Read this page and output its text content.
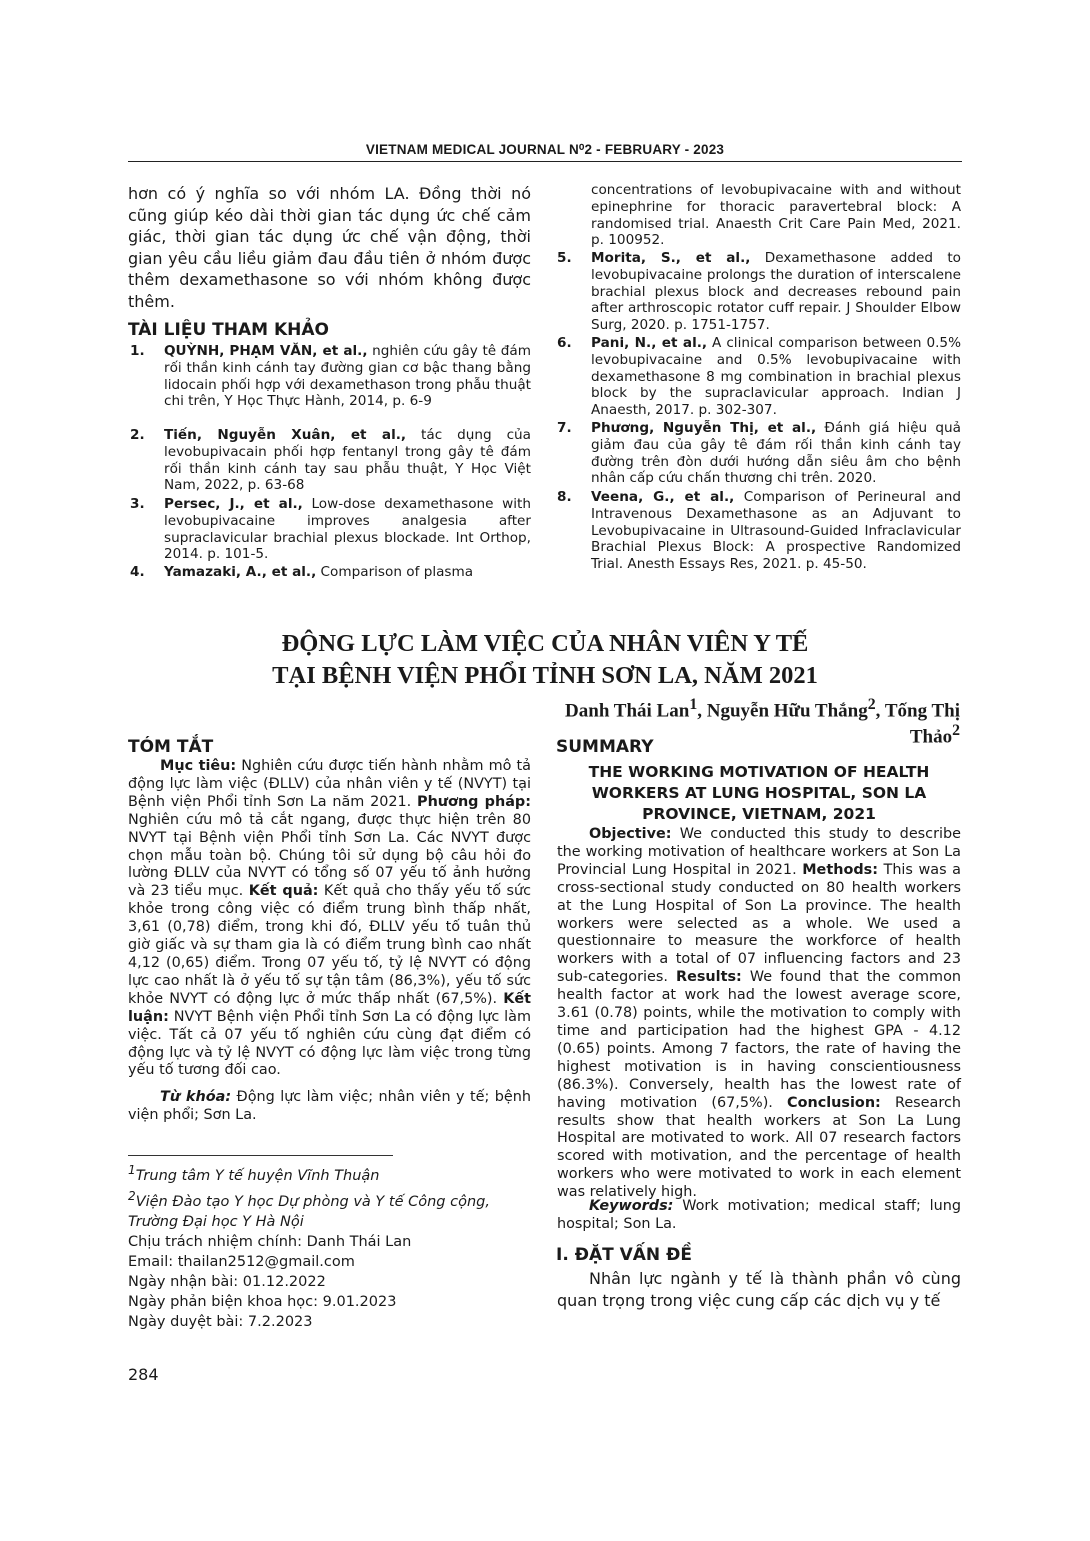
VIETNAM MEDICAL JOURNAL N⁰2 - FEBRUARY - 2023
hơn có ý nghĩa so với nhóm LA. Đồng thời nó cũng giúp kéo dài thời gian tác dụng ức chế cảm giác, thời gian tác dụng ức chế vận động, thời gian yêu cầu liều giảm đau đầu tiên ở nhóm được thêm dexamethasone so với nhóm không được thêm.
TÀI LIỆU THAM KHẢO
1. QUỲNH, PHẠM VĂN, et al., nghiên cứu gây tê đám rối thần kinh cánh tay đường gian cơ bậc thang bằng lidocain phối hợp với dexamethason trong phẫu thuật chi trên, Y Học Thực Hành, 2014, p. 6-9
2. Tiến, Nguyễn Xuân, et al., tác dụng của levobupivacain phối hợp fentanyl trong gây tê đám rối thần kinh cánh tay sau phẫu thuật, Y Học Việt Nam, 2022, p. 63-68
3. Persec, J., et al., Low-dose dexamethasone with levobupivacaine improves analgesia after supraclavicular brachial plexus blockade. Int Orthop, 2014. p. 101-5.
4. Yamazaki, A., et al., Comparison of plasma
concentrations of levobupivacaine with and without epinephrine for thoracic paravertebral block: A randomised trial. Anaesth Crit Care Pain Med, 2021. p. 100952.
5. Morita, S., et al., Dexamethasone added to levobupivacaine prolongs the duration of interscalene brachial plexus block and decreases rebound pain after arthroscopic rotator cuff repair. J Shoulder Elbow Surg, 2020. p. 1751-1757.
6. Pani, N., et al., A clinical comparison between 0.5% levobupivacaine and 0.5% levobupivacaine with dexamethasone 8 mg combination in brachial plexus block by the supraclavicular approach. Indian J Anaesth, 2017. p. 302-307.
7. Phương, Nguyễn Thị, et al., Đánh giá hiệu quả giảm đau của gây tê đám rối thần kinh cánh tay đường trên đòn dưới hướng dẫn siêu âm cho bệnh nhân cấp cứu chấn thương chi trên. 2020.
8. Veena, G., et al., Comparison of Perineural and Intravenous Dexamethasone as an Adjuvant to Levobupivacaine in Ultrasound-Guided Infraclavicular Brachial Plexus Block: A prospective Randomized Trial. Anesth Essays Res, 2021. p. 45-50.
ĐỘNG LỰC LÀM VIỆC CỦA NHÂN VIÊN Y TẾ
TẠI BỆNH VIỆN PHỔI TỈNH SƠN LA, NĂM 2021
Danh Thái Lan$^1$, Nguyễn Hữu Thắng$^2$, Tống Thị Thảo$^2$
TÓM TẮT
Mục tiêu: Nghiên cứu được tiến hành nhằm mô tả động lực làm việc (ĐLLV) của nhân viên y tế (NVYT) tại Bệnh viện Phổi tỉnh Sơn La năm 2021. Phương pháp: Nghiên cứu mô tả cắt ngang, được thực hiện trên 80 NVYT tại Bệnh viện Phổi tỉnh Sơn La. Các NVYT được chọn mẫu toàn bộ. Chúng tôi sử dụng bộ câu hỏi đo lường ĐLLV của NVYT có tổng số 07 yếu tố ảnh hưởng và 23 tiểu mục. Kết quả: Kết quả cho thấy yếu tố sức khỏe trong công việc có điểm trung bình thấp nhất, 3,61 (0,78) điểm, trong khi đó, ĐLLV yếu tố tuân thủ giờ giấc và sự tham gia là có điểm trung bình cao nhất 4,12 (0,65) điểm. Trong 07 yếu tố, tỷ lệ NVYT có động lực cao nhất là ở yếu tố sự tận tâm (86,3%), yếu tố sức khỏe NVYT có động lực ở mức thấp nhất (67,5%). Kết luận: NVYT Bệnh viện Phổi tỉnh Sơn La có động lực làm việc. Tất cả 07 yếu tố nghiên cứu cùng đạt điểm có động lực và tỷ lệ NVYT có động lực làm việc trong từng yếu tố tương đối cao.
Từ khóa: Động lực làm việc; nhân viên y tế; bệnh viện phổi; Sơn La.
$^1$Trung tâm Y tế huyện Vĩnh Thuận
$^2$Viện Đào tạo Y học Dự phòng và Y tế Công cộng, Trường Đại học Y Hà Nội
Chịu trách nhiệm chính: Danh Thái Lan
Email: thailan2512@gmail.com
Ngày nhận bài: 01.12.2022
Ngày phản biện khoa học: 9.01.2023
Ngày duyệt bài: 7.2.2023
SUMMARY
THE WORKING MOTIVATION OF HEALTH WORKERS AT LUNG HOSPITAL, SON LA PROVINCE, VIETNAM, 2021
Objective: We conducted this study to describe the working motivation of healthcare workers at Son La Provincial Lung Hospital in 2021. Methods: This was a cross-sectional study conducted on 80 health workers at the Lung Hospital of Son La province. The health workers were selected as a whole. We used a questionnaire to measure the workforce of health workers with a total of 07 influencing factors and 23 sub-categories. Results: We found that the common health factor at work had the lowest average score, 3.61 (0.78) points, while the motivation to comply with time and participation had the highest GPA - 4.12 (0.65) points. Among 7 factors, the rate of having the highest motivation is in having conscientiousness (86.3%). Conversely, health has the lowest rate of having motivation (67,5%). Conclusion: Research results show that health workers at Son La Lung Hospital are motivated to work. All 07 research factors scored with motivation, and the percentage of health workers who were motivated to work in each element was relatively high.
Keywords: Work motivation; medical staff; lung hospital; Son La.
I. ĐẶT VẤN ĐỀ
Nhân lực ngành y tế là thành phần vô cùng quan trọng trong việc cung cấp các dịch vụ y tế
284
